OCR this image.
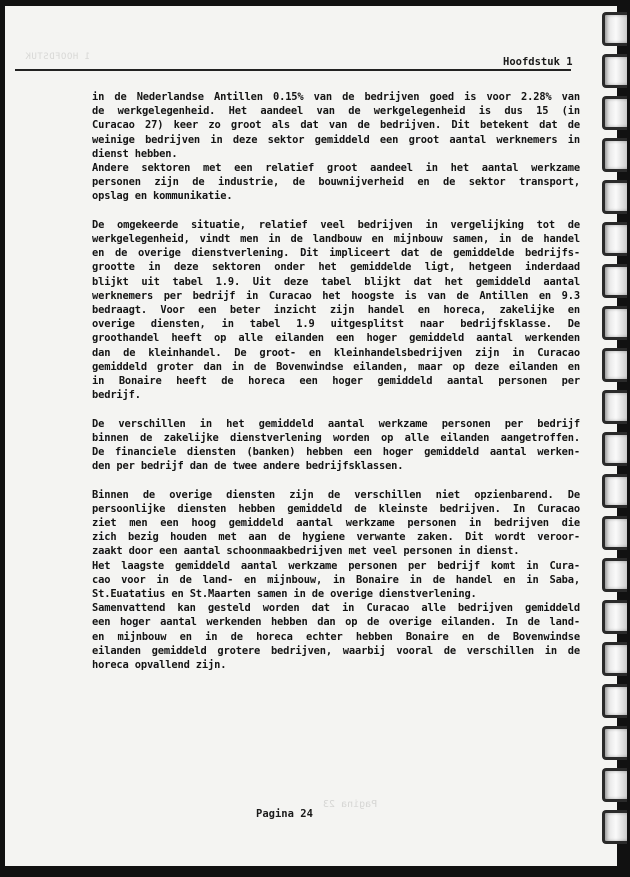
1 HOOFDSTUK	Hoofdstuk 1
in de Nederlandse Antillen 0.15% van de bedrijven goed is voor 2.28% van
de werkgelegenheid. Het aandeel van de werkgelegenheid is dus 15 (in
Curacao 27) keer zo groot als dat van de bedrijven. Dit betekent dat de
weinige bedrijven in deze sektor gemiddeld een groot aantal werknemers in
dienst hebben.
Andere sektoren met een relatief groot aandeel in het aantal werkzame
personen zijn de industrie, de bouwnijverheid en de sektor transport,
opslag en kommunikatie.
De omgekeerde situatie, relatief veel bedrijven in vergelijking tot de
werkgelegenheid, vindt men in de landbouw en mijnbouw samen, in de handel
en de overige dienstverlening. Dit impliceert dat de gemiddelde bedrijfs-
grootte in deze sektoren onder het gemiddelde ligt, hetgeen inderdaad
blijkt uit tabel 1.9. Uit deze tabel blijkt dat het gemiddeld aantal
werknemers per bedrijf in Curacao het hoogste is van de Antillen en 9.3
bedraagt. Voor een beter inzicht zijn handel en horeca, zakelijke en
overige diensten, in tabel 1.9 uitgesplitst naar bedrijfsklasse. De
groothandel heeft op alle eilanden een hoger gemiddeld aantal werkenden
dan de kleinhandel. De groot- en kleinhandelsbedrijven zijn in Curacao
gemiddeld groter dan in de Bovenwindse eilanden, maar op deze eilanden en
in Bonaire heeft de horeca een hoger gemiddeld aantal personen per
bedrijf.
De verschillen in het gemiddeld aantal werkzame personen per bedrijf
binnen de zakelijke dienstverlening worden op alle eilanden aangetroffen.
De financiele diensten (banken) hebben een hoger gemiddeld aantal werken-
den per bedrijf dan de twee andere bedrijfsklassen.
Binnen de overige diensten zijn de verschillen niet opzienbarend. De
persoonlijke diensten hebben gemiddeld de kleinste bedrijven. In Curacao
ziet men een hoog gemiddeld aantal werkzame personen in bedrijven die
zich bezig houden met aan de hygiene verwante zaken. Dit wordt veroor-
zaakt door een aantal schoonmaakbedrijven met veel personen in dienst.
Het laagste gemiddeld aantal werkzame personen per bedrijf komt in Cura-
cao voor in de land- en mijnbouw, in Bonaire in de handel en in Saba,
St.Euatatius en St.Maarten samen in de overige dienstverlening.
Samenvattend kan gesteld worden dat in Curacao alle bedrijven gemiddeld
een hoger aantal werkenden hebben dan op de overige eilanden. In de land-
en mijnbouw en in de horeca echter hebben Bonaire en de Bovenwindse
eilanden gemiddeld grotere bedrijven, waarbij vooral de verschillen in de
horeca opvallend zijn.
Pagina 23
Pagina 24
